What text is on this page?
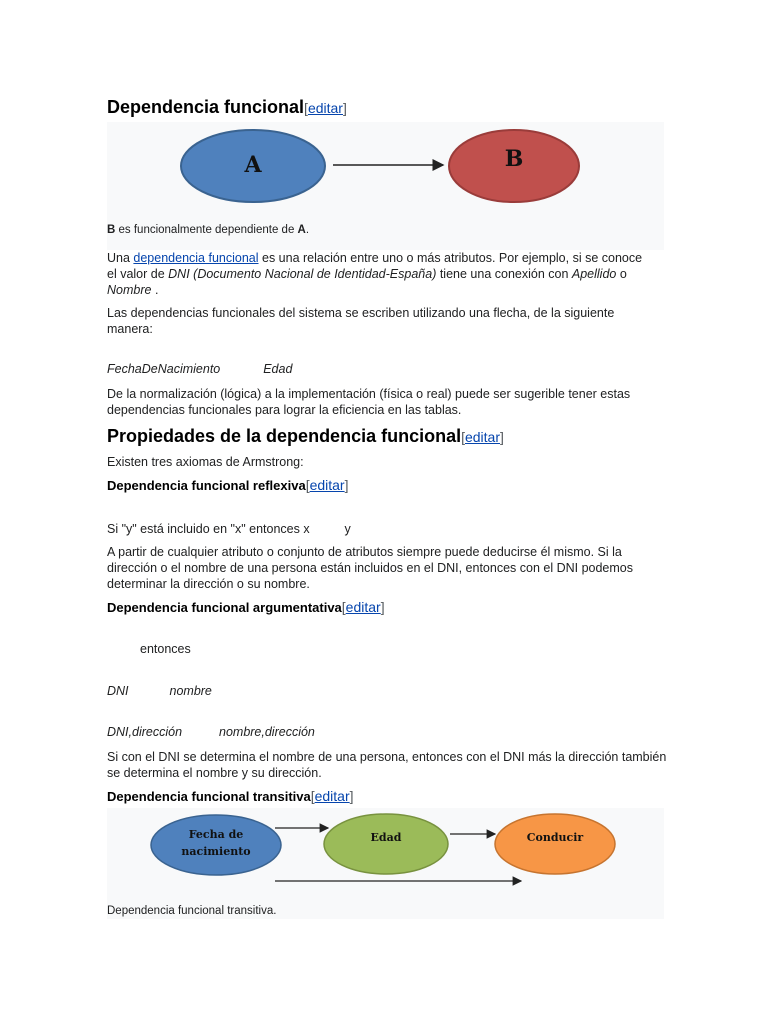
Dependencia funcional[editar]
A	B
B es funcionalmente dependiente de A.

Una dependencia funcional es una relación entre uno o más atributos. Por ejemplo, si se conoce el valor de DNI (Documento Nacional de Identidad-España) tiene una conexión con Apellido o Nombre .

Las dependencias funcionales del sistema se escriben utilizando una flecha, de la siguiente manera:

FechaDeNacimiento	Edad

De la normalización (lógica) a la implementación (física o real) puede ser sugerible tener estas dependencias funcionales para lograr la eficiencia en las tablas.

Propiedades de la dependencia funcional[editar]

Existen tres axiomas de Armstrong:

Dependencia funcional reflexiva[editar]
Si "y" está incluido en "x" entonces x	y

A partir de cualquier atributo o conjunto de atributos siempre puede deducirse él mismo. Si la dirección o el nombre de una persona están incluidos en el DNI, entonces con el DNI podemos determinar la dirección o su nombre.

Dependencia funcional argumentativa[editar]
entonces
DNI	nombre
DNI,dirección	nombre,dirección

Si con el DNI se determina el nombre de una persona, entonces con el DNI más la dirección también se determina el nombre y su dirección.

Dependencia funcional transitiva[editar]
Fecha de
nacimiento
Edad	Conducir
Dependencia funcional transitiva.
